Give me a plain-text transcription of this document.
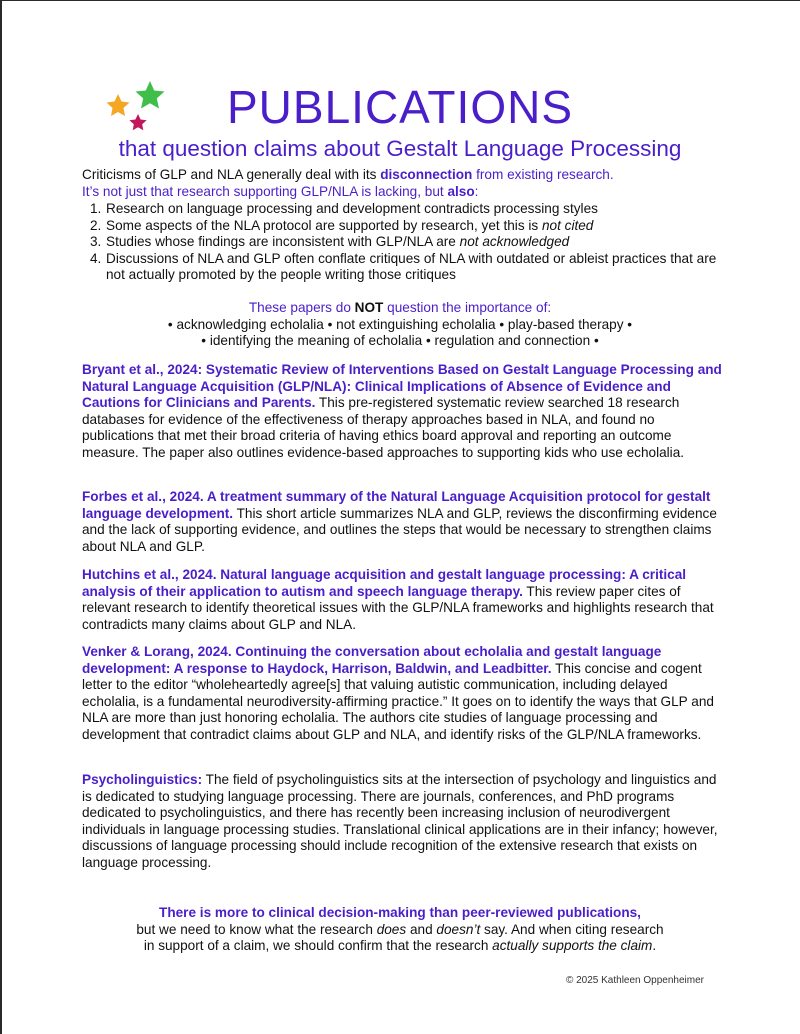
PUBLICATIONS
that question claims about Gestalt Language Processing

Criticisms of GLP and NLA generally deal with its disconnection from existing research.

It’s not just that research supporting GLP/NLA is lacking, but also:

1. Research on language processing and development contradicts processing styles
2. Some aspects of the NLA protocol are supported by research, yet this is not cited
3. Studies whose findings are inconsistent with GLP/NLA are not acknowledged
4. Discussions of NLA and GLP often conflate critiques of NLA with outdated or ableist practices that are not actually promoted by the people writing those critiques

These papers do NOT question the importance of:

• acknowledging echolalia • not extinguishing echolalia • play-based therapy •

• identifying the meaning of echolalia • regulation and connection •

Bryant et al., 2024: Systematic Review of Interventions Based on Gestalt Language Processing and Natural Language Acquisition (GLP/NLA): Clinical Implications of Absence of Evidence and Cautions for Clinicians and Parents. This pre-registered systematic review searched 18 research databases for evidence of the effectiveness of therapy approaches based in NLA, and found no publications that met their broad criteria of having ethics board approval and reporting an outcome measure. The paper also outlines evidence-based approaches to supporting kids who use echolalia.

Forbes et al., 2024. A treatment summary of the Natural Language Acquisition protocol for gestalt language development. This short article summarizes NLA and GLP, reviews the disconfirming evidence and the lack of supporting evidence, and outlines the steps that would be necessary to strengthen claims about NLA and GLP.

Hutchins et al., 2024. Natural language acquisition and gestalt language processing: A critical analysis of their application to autism and speech language therapy. This review paper cites of relevant research to identify theoretical issues with the GLP/NLA frameworks and highlights research that contradicts many claims about GLP and NLA.

Venker & Lorang, 2024. Continuing the conversation about echolalia and gestalt language development: A response to Haydock, Harrison, Baldwin, and Leadbitter. This concise and cogent letter to the editor “wholeheartedly agree[s] that valuing autistic communication, including delayed echolalia, is a fundamental neurodiversity-affirming practice.” It goes on to identify the ways that GLP and NLA are more than just honoring echolalia. The authors cite studies of language processing and development that contradict claims about GLP and NLA, and identify risks of the GLP/NLA frameworks.

Psycholinguistics: The field of psycholinguistics sits at the intersection of psychology and linguistics and is dedicated to studying language processing. There are journals, conferences, and PhD programs dedicated to psycholinguistics, and there has recently been increasing inclusion of neurodivergent individuals in language processing studies. Translational clinical applications are in their infancy; however, discussions of language processing should include recognition of the extensive research that exists on language processing.

There is more to clinical decision-making than peer-reviewed publications,

but we need to know what the research does and doesn’t say. And when citing research

in support of a claim, we should confirm that the research actually supports the claim.

© 2025 Kathleen Oppenheimer
